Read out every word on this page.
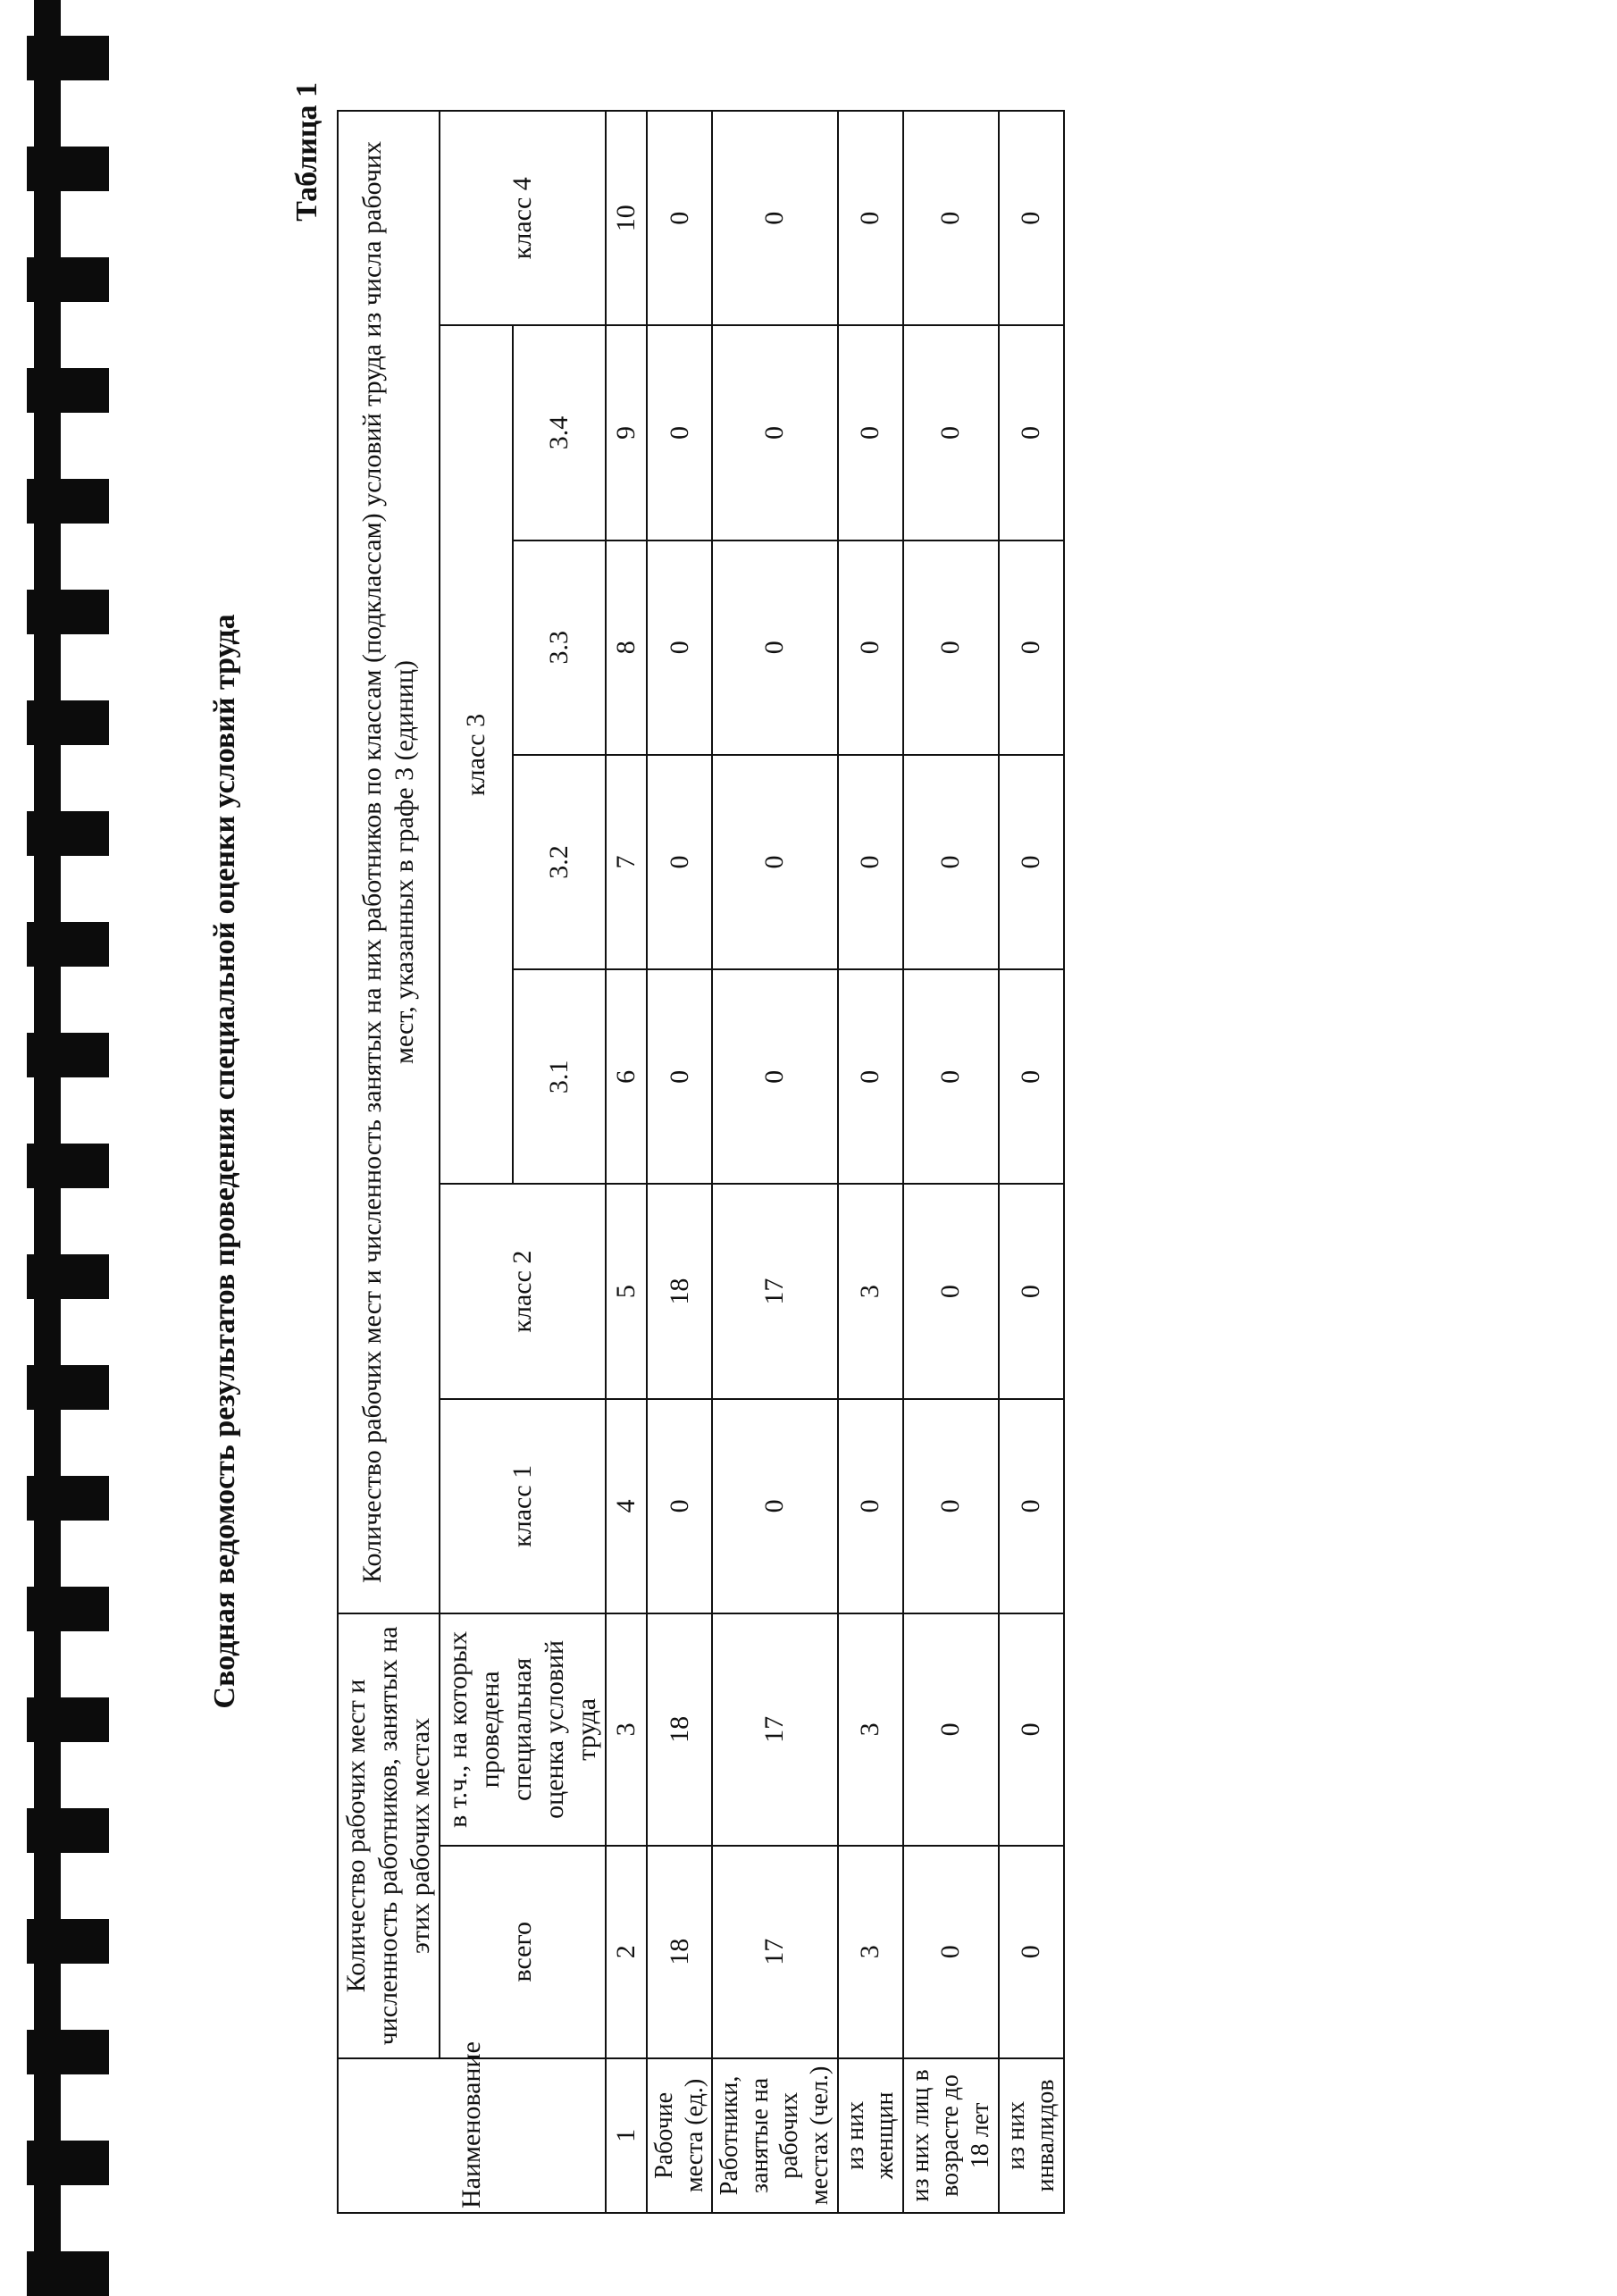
Таблица 1
Сводная ведомость результатов проведения специальной оценки условий труда
Наименование	Количество рабочих мест и численность работников, занятых на этих рабочих местах		Количество рабочих мест и численность занятых на них работников по классам (подклассам) условий труда из числа рабочих мест, указанных в графе 3 (единиц)						
	всего	в т.ч., на которых проведена специальная оценка условий труда	класс 1	класс 2	класс 3				класс 4
					3.1	3.2	3.3	3.4	
1	2	3	4	5	6	7	8	9	10
Рабочие места (ед.)	18	18	0	18	0	0	0	0	0
Работники, занятые на рабочих местах (чел.)	17	17	0	17	0	0	0	0	0
из них женщин	3	3	0	3	0	0	0	0	0
из них лиц в возрасте до 18 лет	0	0	0	0	0	0	0	0	0
из них инвалидов	0	0	0	0	0	0	0	0	0
